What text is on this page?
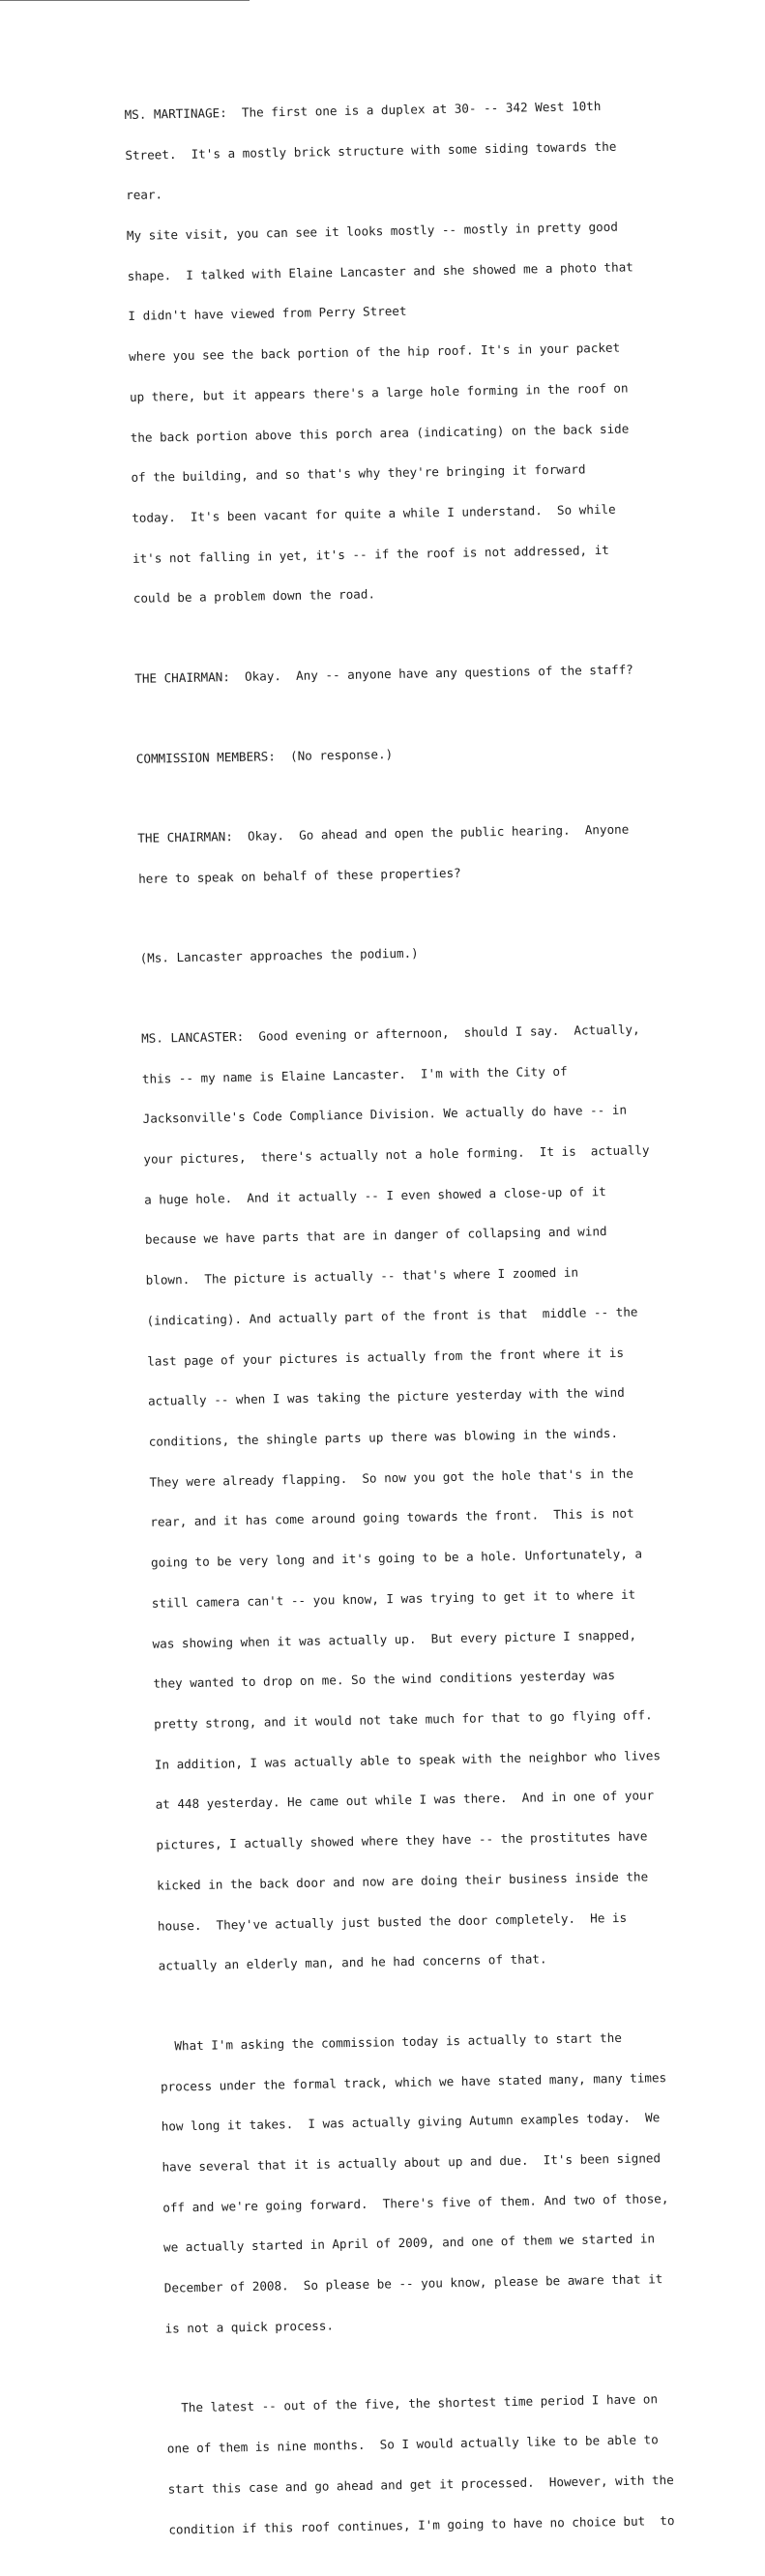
MS. MARTINAGE:  The first one is a duplex at 30- -- 342 West 10th

Street.  It's a mostly brick structure with some siding towards the

rear.

My site visit, you can see it looks mostly -- mostly in pretty good

shape.  I talked with Elaine Lancaster and she showed me a photo that

I didn't have viewed from Perry Street

where you see the back portion of the hip roof. It's in your packet

up there, but it appears there's a large hole forming in the roof on

the back portion above this porch area (indicating) on the back side

of the building, and so that's why they're bringing it forward

today.  It's been vacant for quite a while I understand.  So while

it's not falling in yet, it's -- if the roof is not addressed, it

could be a problem down the road.

THE CHAIRMAN:  Okay.  Any -- anyone have any questions of the staff?

COMMISSION MEMBERS:  (No response.)

THE CHAIRMAN:  Okay.  Go ahead and open the public hearing.  Anyone

here to speak on behalf of these properties?

(Ms. Lancaster approaches the podium.)

MS. LANCASTER:  Good evening or afternoon,  should I say.  Actually,

this -- my name is Elaine Lancaster.  I'm with the City of

Jacksonville's Code Compliance Division. We actually do have -- in

your pictures,  there's actually not a hole forming.  It is  actually

a huge hole.  And it actually -- I even showed a close-up of it

because we have parts that are in danger of collapsing and wind

blown.  The picture is actually -- that's where I zoomed in

(indicating). And actually part of the front is that  middle -- the

last page of your pictures is actually from the front where it is

actually -- when I was taking the picture yesterday with the wind

conditions, the shingle parts up there was blowing in the winds.

They were already flapping.  So now you got the hole that's in the

rear, and it has come around going towards the front.  This is not

going to be very long and it's going to be a hole. Unfortunately, a

still camera can't -- you know, I was trying to get it to where it

was showing when it was actually up.  But every picture I snapped,

they wanted to drop on me. So the wind conditions yesterday was

pretty strong, and it would not take much for that to go flying off.

In addition, I was actually able to speak with the neighbor who lives

at 448 yesterday. He came out while I was there.  And in one of your

pictures, I actually showed where they have -- the prostitutes have

kicked in the back door and now are doing their business inside the

house.  They've actually just busted the door completely.  He is

actually an elderly man, and he had concerns of that.

What I'm asking the commission today is actually to start the

process under the formal track, which we have stated many, many times

how long it takes.  I was actually giving Autumn examples today.  We

have several that it is actually about up and due.  It's been signed

off and we're going forward.  There's five of them. And two of those,

we actually started in April of 2009, and one of them we started in

December of 2008.  So please be -- you know, please be aware that it

is not a quick process.

The latest -- out of the five, the shortest time period I have on

one of them is nine months.  So I would actually like to be able to

start this case and go ahead and get it processed.  However, with the

condition if this roof continues, I'm going to have no choice but  to
